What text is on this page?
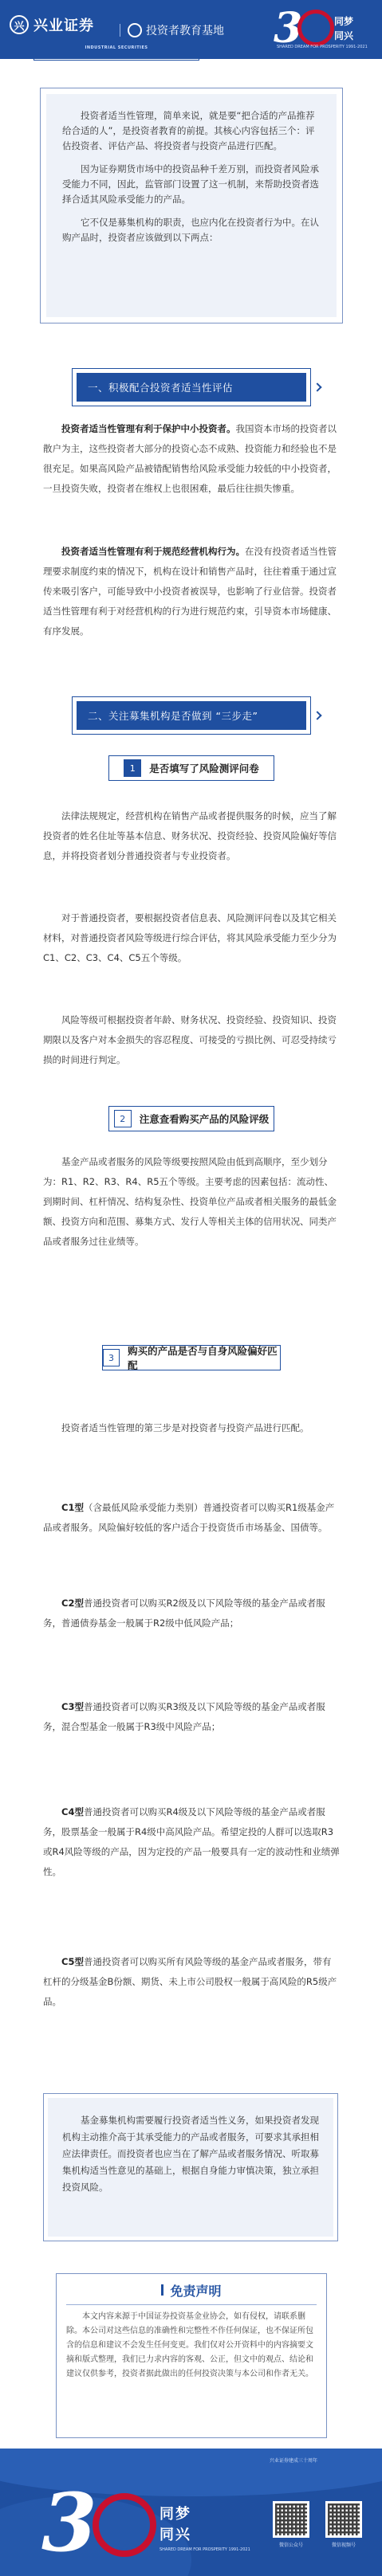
兴 兴业证券
INDUSTRIAL SECURITIES
投资者教育基地 3	同梦
同兴
SHARED DREAM FOR PROSPERITY 1991-2021

投资者适当性管理，简单来说，就是要“把合适的产品推荐给合适的人”，是投资者教育的前提。其核心内容包括三个：评估投资者、评估产品、将投资者与投资产品进行匹配。

因为证券期货市场中的投资品种千差万别，而投资者风险承受能力不同，因此，监管部门设置了这一机制，来帮助投资者选择合适其风险承受能力的产品。

它不仅是募集机构的职责，也应内化在投资者行为中。在认购产品时，投资者应该做到以下两点：

一、积极配合投资者适当性评估

投资者适当性管理有利于保护中小投资者。我国资本市场的投资者以散户为主，这些投资者大部分的投资心态不成熟、投资能力和经验也不是很充足。如果高风险产品被错配销售给风险承受能力较低的中小投资者，一旦投资失败，投资者在维权上也很困难，最后往往损失惨重。

投资者适当性管理有利于规范经营机构行为。在没有投资者适当性管理要求制度约束的情况下，机构在设计和销售产品时，往往着重于通过宣传来吸引客户，可能导致中小投资者被误导，也影响了行业信誉。投资者适当性管理有利于对经营机构的行为进行规范约束，引导资本市场健康、有序发展。

二、关注募集机构是否做到 “三步走”
1	是否填写了风险测评问卷

法律法规规定，经营机构在销售产品或者提供服务的时候，应当了解投资者的姓名住址等基本信息、财务状况、投资经验、投资风险偏好等信息，并将投资者划分普通投资者与专业投资者。

对于普通投资者，要根据投资者信息表、风险测评问卷以及其它相关材料，对普通投资者风险等级进行综合评估，将其风险承受能力至少分为C1、C2、C3、C4、C5五个等级。

风险等级可根据投资者年龄、财务状况、投资经验、投资知识、投资期限以及客户对本金损失的容忍程度、可接受的亏损比例、可忍受持续亏损的时间进行判定。

2	注意查看购买产品的风险评级

基金产品或者服务的风险等级要按照风险由低到高顺序，至少划分为：R1、R2、R3、R4、R5五个等级。主要考虑的因素包括：流动性、到期时间、杠杆情况、结构复杂性、投资单位产品或者相关服务的最低金额、投资方向和范围、募集方式、发行人等相关主体的信用状况、同类产品或者服务过往业绩等。

3
购买的产品是否与自身风险偏好匹配

投资者适当性管理的第三步是对投资者与投资产品进行匹配。

C1型（含最低风险承受能力类别）普通投资者可以购买R1级基金产品或者服务。风险偏好较低的客户适合于投资货币市场基金、国债等。

C2型普通投资者可以购买R2级及以下风险等级的基金产品或者服务，普通债券基金一般属于R2级中低风险产品；

C3型普通投资者可以购买R3级及以下风险等级的基金产品或者服务，混合型基金一般属于R3级中风险产品；

C4型普通投资者可以购买R4级及以下风险等级的基金产品或者服务，股票基金一般属于R4级中高风险产品。希望定投的人群可以选取R3或R4风险等级的产品，因为定投的产品一般要具有一定的波动性和业绩弹性。

C5型普通投资者可以购买所有风险等级的基金产品或者服务，带有杠杆的分级基金B份额、期货、未上市公司股权一般属于高风险的R5级产品。

基金募集机构需要履行投资者适当性义务，如果投资者发现机构主动推介高于其承受能力的产品或者服务，可要求其承担相应法律责任。而投资者也应当在了解产品或者服务情况、听取募集机构适当性意见的基础上，根据自身能力审慎决策，独立承担投资风险。

免责声明

本文内容来源于中国证券投资基金业协会，如有侵权，请联系删除。本公司对这些信息的准确性和完整性不作任何保证，也不保证所包含的信息和建议不会发生任何变更。我们仅对公开资料中的内容摘要文摘和版式整理，我们已力求内容的客观、公正，但文中的观点、结论和建议仅供参考，投资者据此做出的任何投资决策与本公司和作者无关。

兴业证券建成三十周年
3	同梦
同兴
SHARED DREAM FOR PROSPERITY 1991-2021
微信公众号	微信视频号
